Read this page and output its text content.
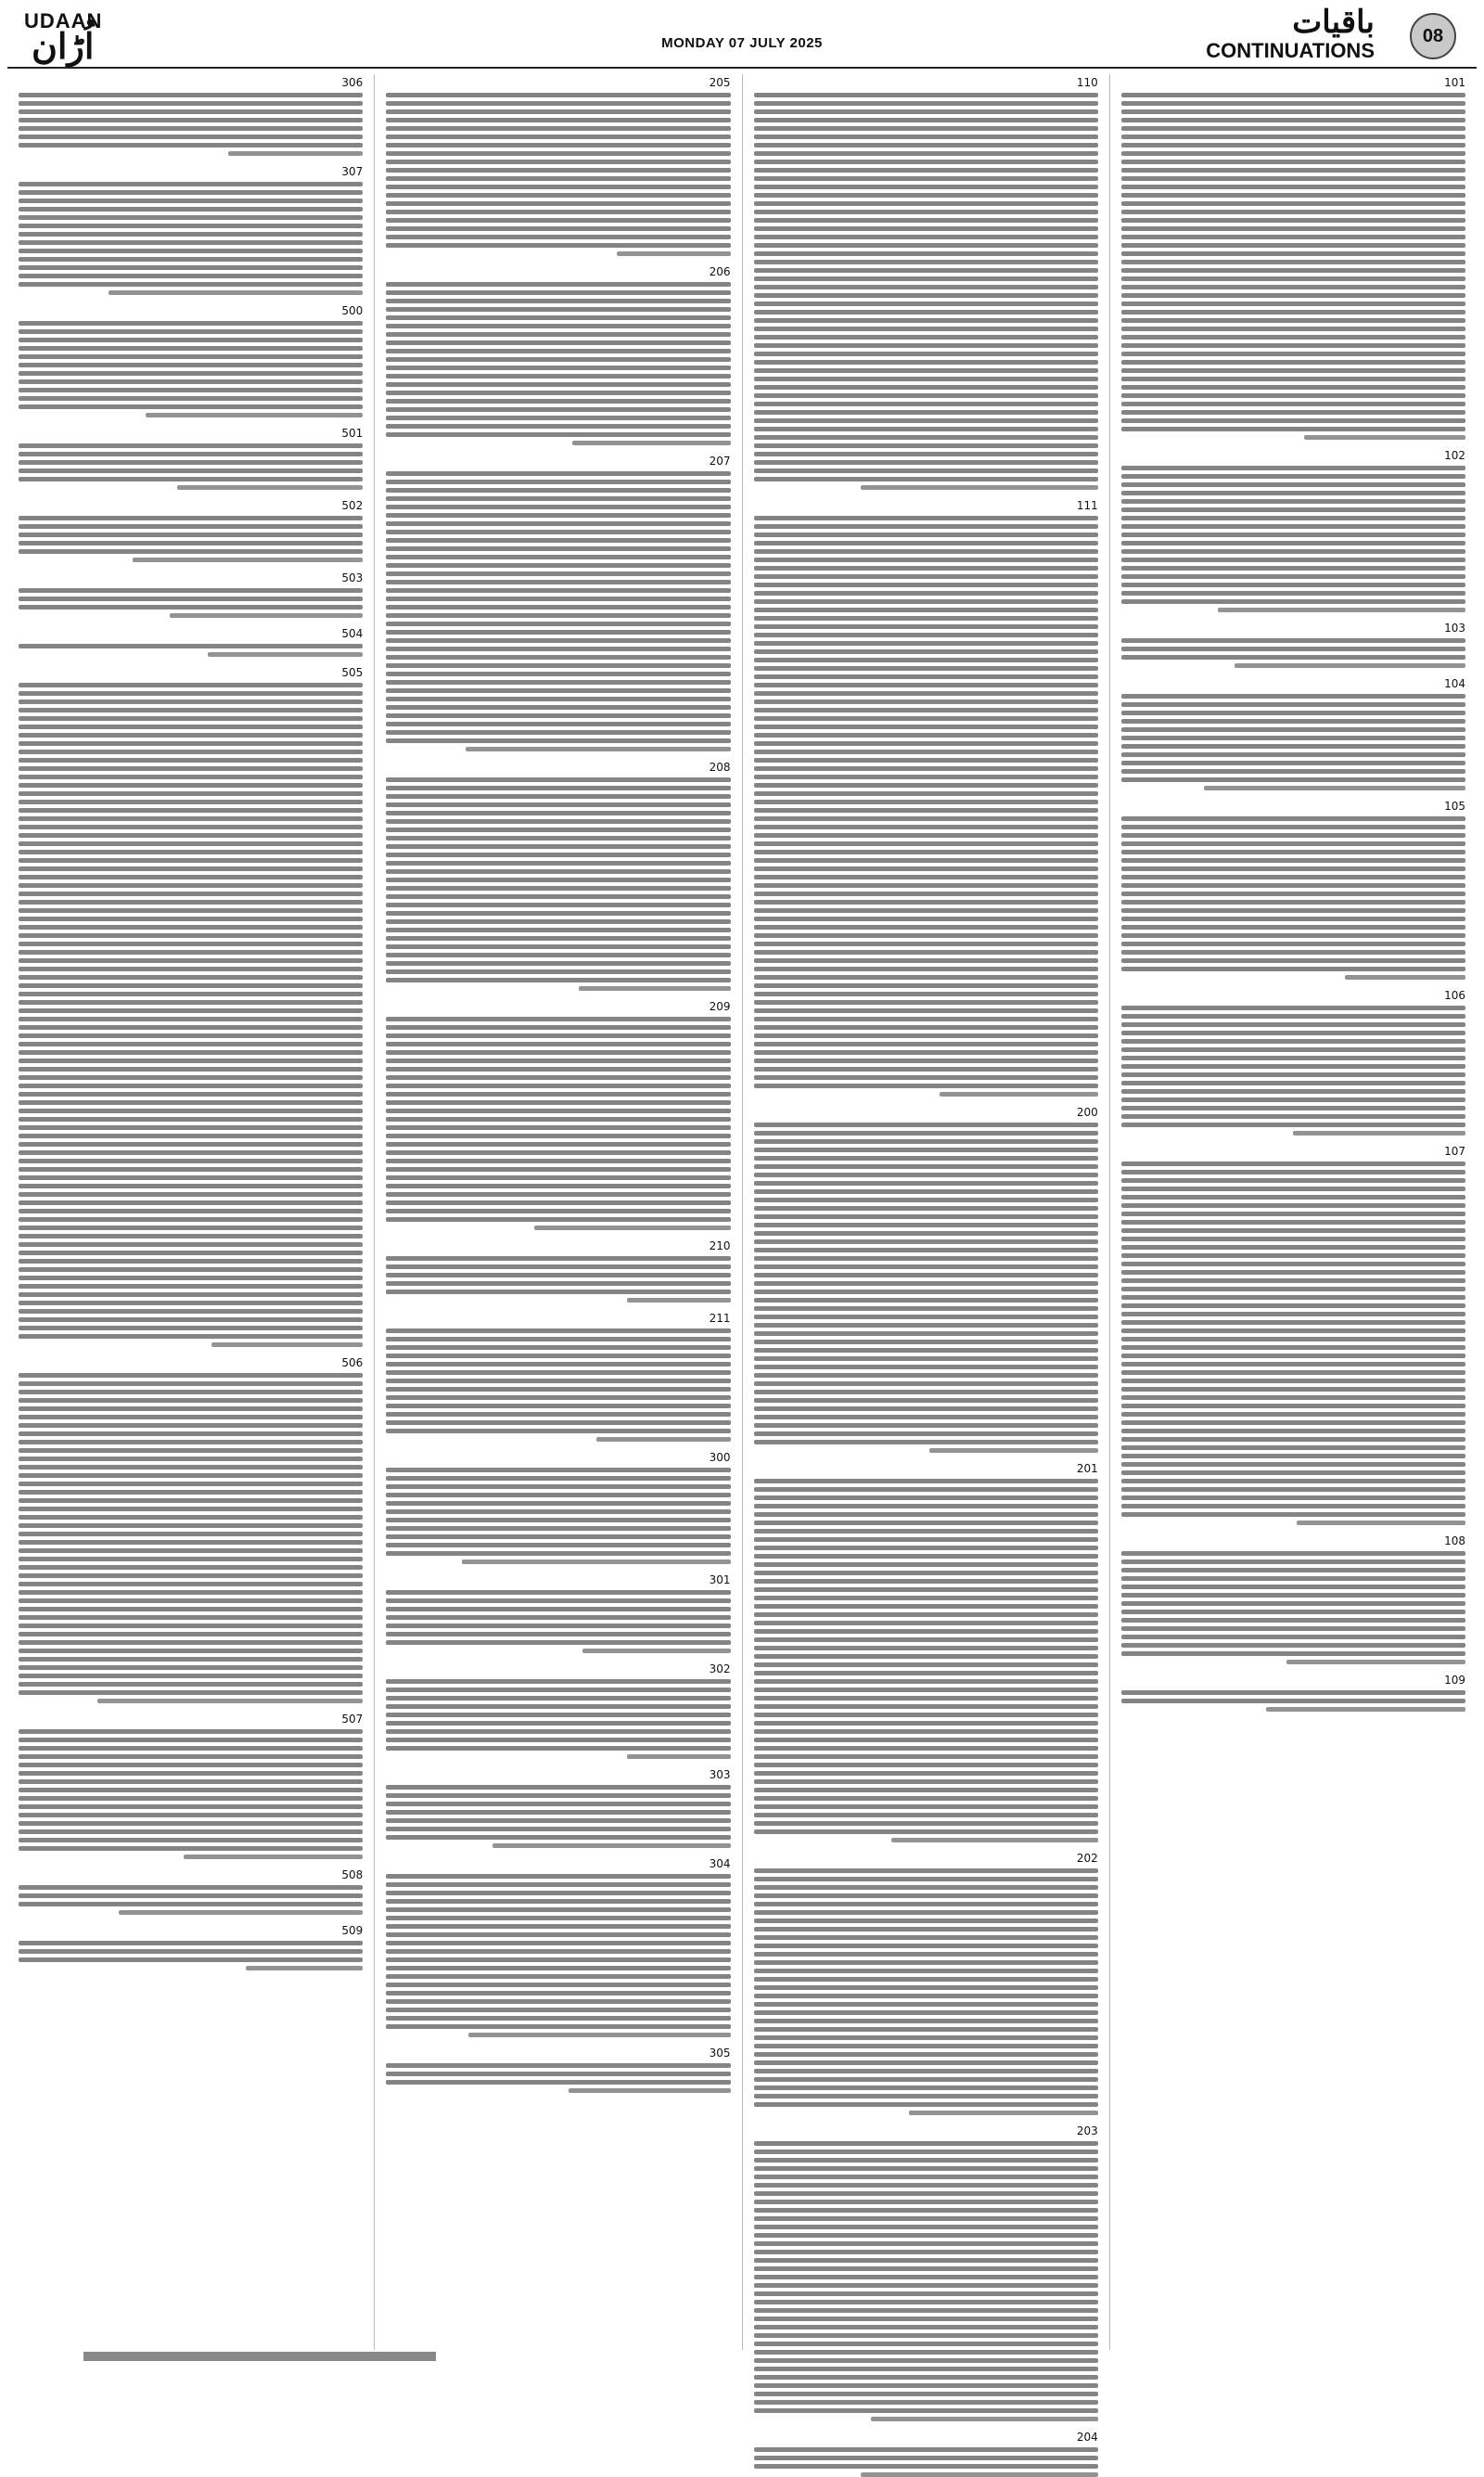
UDAAN
اُڑان	MONDAY 07 JULY 2025
باقیات
CONTINUATIONS
08
101
102
103
104
105
106
107
108
109
110
111
200
201
202
203
204
205
206
207
208
209
210
211
300
301
302
303
304
305
306
307
500
501
502
503
504
505
506
507
508
509
